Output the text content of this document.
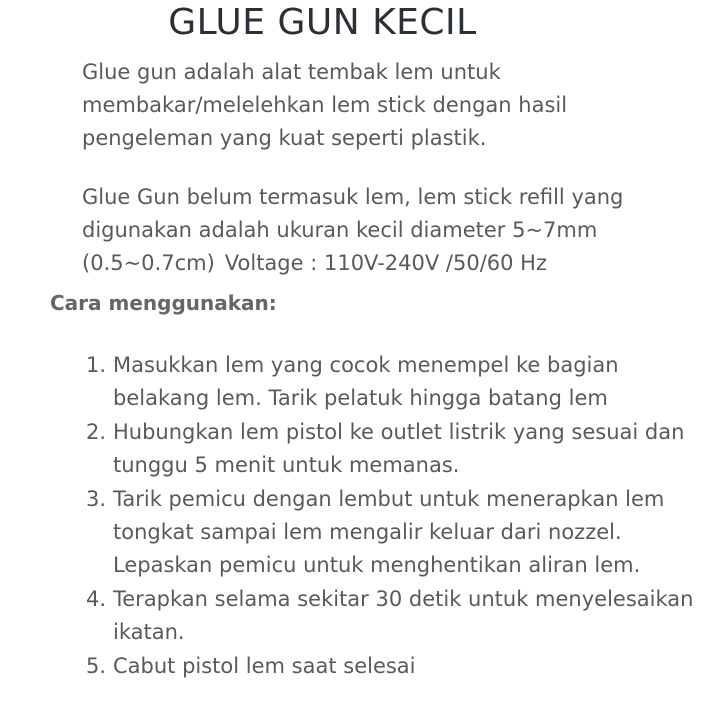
GLUE GUN KECIL
Glue gun adalah alat tembak lem untuk membakar/melelehkan lem stick dengan hasil pengeleman yang kuat seperti plastik.
Glue Gun belum termasuk lem, lem stick refill yang digunakan adalah ukuran kecil diameter 5~7mm (0.5~0.7cm) Voltage : 110V-240V /50/60 Hz
Cara menggunakan:
1. Masukkan lem yang cocok menempel ke bagian belakang lem. Tarik pelatuk hingga batang lem
2. Hubungkan lem pistol ke outlet listrik yang sesuai dan tunggu 5 menit untuk memanas.
3. Tarik pemicu dengan lembut untuk menerapkan lem tongkat sampai lem mengalir keluar dari nozzel. Lepaskan pemicu untuk menghentikan aliran lem.
4. Terapkan selama sekitar 30 detik untuk menyelesaikan ikatan.
5. Cabut pistol lem saat selesai
